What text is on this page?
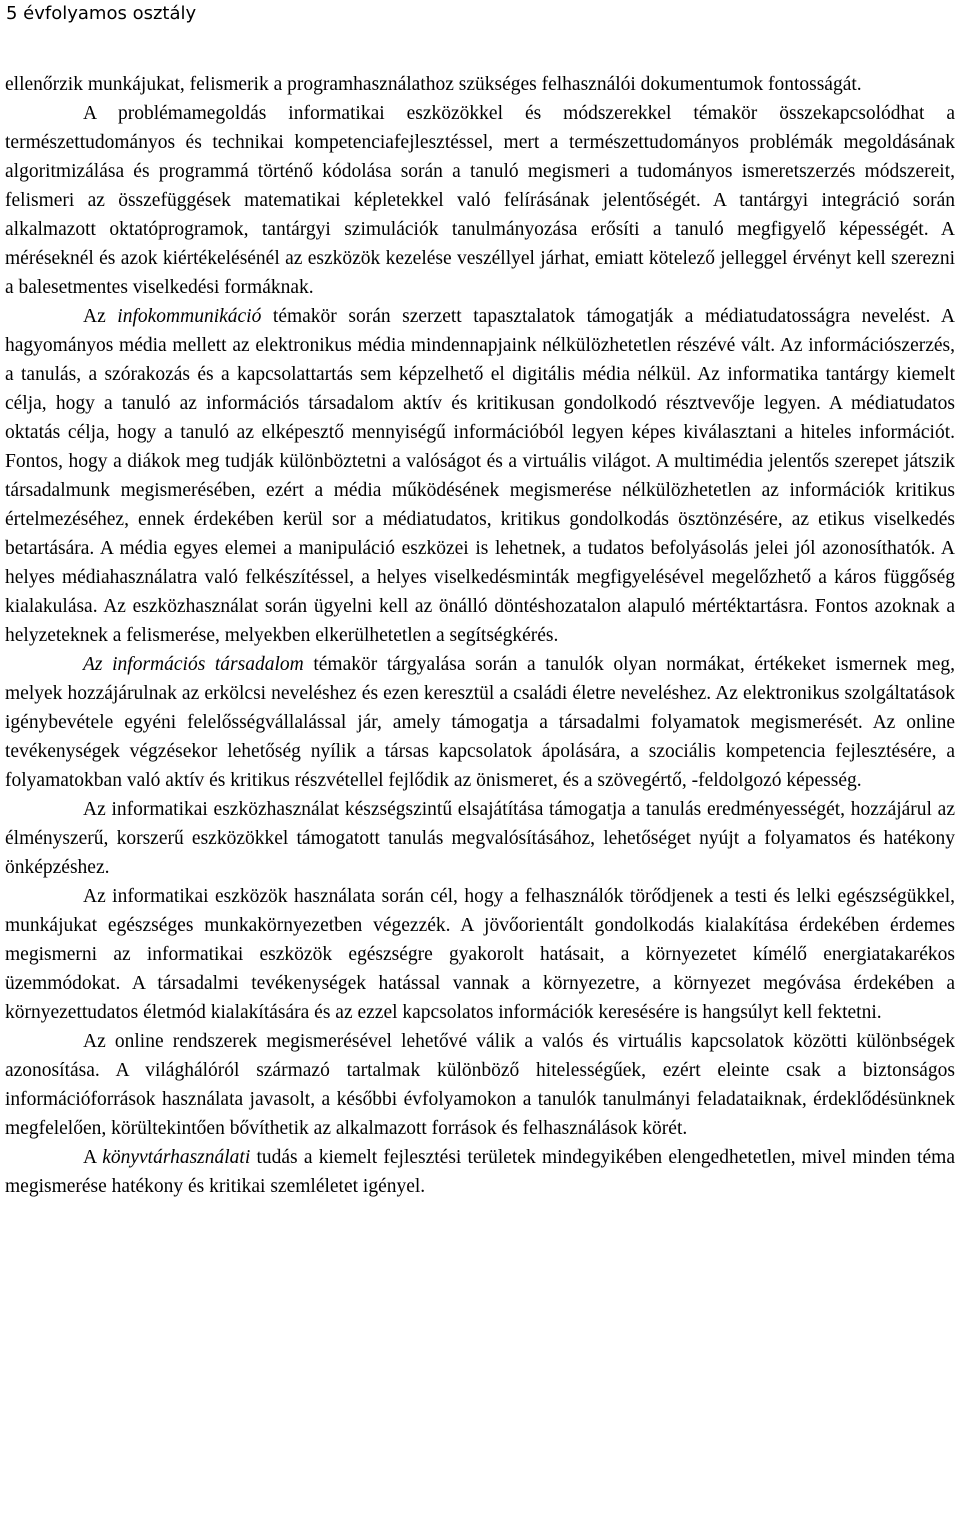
5 évfolyamos osztály

ellenőrzik munkájukat, felismerik a programhasználathoz szükséges felhasználói dokumentumok fontosságát.

A problémamegoldás informatikai eszközökkel és módszerekkel témakör összekapcsolódhat a természettudományos és technikai kompetenciafejlesztéssel, mert a természettudományos problémák megoldásának algoritmizálása és programmá történő kódolása során a tanuló megismeri a tudományos ismeretszerzés módszereit, felismeri az összefüggések matematikai képletekkel való felírásának jelentőségét. A tantárgyi integráció során alkalmazott oktatóprogramok, tantárgyi szimulációk tanulmányozása erősíti a tanuló megfigyelő képességét. A méréseknél és azok kiértékelésénél az eszközök kezelése veszéllyel járhat, emiatt kötelező jelleggel érvényt kell szerezni a balesetmentes viselkedési formáknak.

Az infokommunikáció témakör során szerzett tapasztalatok támogatják a médiatudatosságra nevelést. A hagyományos média mellett az elektronikus média mindennapjaink nélkülözhetetlen részévé vált. Az információszerzés, a tanulás, a szórakozás és a kapcsolattartás sem képzelhető el digitális média nélkül. Az informatika tantárgy kiemelt célja, hogy a tanuló az információs társadalom aktív és kritikusan gondolkodó résztvevője legyen. A médiatudatos oktatás célja, hogy a tanuló az elképesztő mennyiségű információból legyen képes kiválasztani a hiteles információt. Fontos, hogy a diákok meg tudják különböztetni a valóságot és a virtuális világot. A multimédia jelentős szerepet játszik társadalmunk megismerésében, ezért a média működésének megismerése nélkülözhetetlen az információk kritikus értelmezéséhez, ennek érdekében kerül sor a médiatudatos, kritikus gondolkodás ösztönzésére, az etikus viselkedés betartására. A média egyes elemei a manipuláció eszközei is lehetnek, a tudatos befolyásolás jelei jól azonosíthatók. A helyes médiahasználatra való felkészítéssel, a helyes viselkedésminták megfigyelésével megelőzhető a káros függőség kialakulása. Az eszközhasználat során ügyelni kell az önálló döntéshozatalon alapuló mértéktartásra. Fontos azoknak a helyzeteknek a felismerése, melyekben elkerülhetetlen a segítségkérés.

Az információs társadalom témakör tárgyalása során a tanulók olyan normákat, értékeket ismernek meg, melyek hozzájárulnak az erkölcsi neveléshez és ezen keresztül a családi életre neveléshez. Az elektronikus szolgáltatások igénybevétele egyéni felelősségvállalással jár, amely támogatja a társadalmi folyamatok megismerését. Az online tevékenységek végzésekor lehetőség nyílik a társas kapcsolatok ápolására, a szociális kompetencia fejlesztésére, a folyamatokban való aktív és kritikus részvétellel fejlődik az önismeret, és a szövegértő, -feldolgozó képesség.

Az informatikai eszközhasználat készségszintű elsajátítása támogatja a tanulás eredményességét, hozzájárul az élményszerű, korszerű eszközökkel támogatott tanulás megvalósításához, lehetőséget nyújt a folyamatos és hatékony önképzéshez.

Az informatikai eszközök használata során cél, hogy a felhasználók törődjenek a testi és lelki egészségükkel, munkájukat egészséges munkakörnyezetben végezzék. A jövőorientált gondolkodás kialakítása érdekében érdemes megismerni az informatikai eszközök egészségre gyakorolt hatásait, a környezetet kímélő energiatakarékos üzemmódokat. A társadalmi tevékenységek hatással vannak a környezetre, a környezet megóvása érdekében a környezettudatos életmód kialakítására és az ezzel kapcsolatos információk keresésére is hangsúlyt kell fektetni.

Az online rendszerek megismerésével lehetővé válik a valós és virtuális kapcsolatok közötti különbségek azonosítása. A világhálóról származó tartalmak különböző hitelességűek, ezért eleinte csak a biztonságos információforrások használata javasolt, a későbbi évfolyamokon a tanulók tanulmányi feladataiknak, érdeklődésünknek megfelelően, körültekintően bővíthetik az alkalmazott források és felhasználások körét.

A könyvtárhasználati tudás a kiemelt fejlesztési területek mindegyikében elengedhetetlen, mivel minden téma megismerése hatékony és kritikai szemléletet igényel.
